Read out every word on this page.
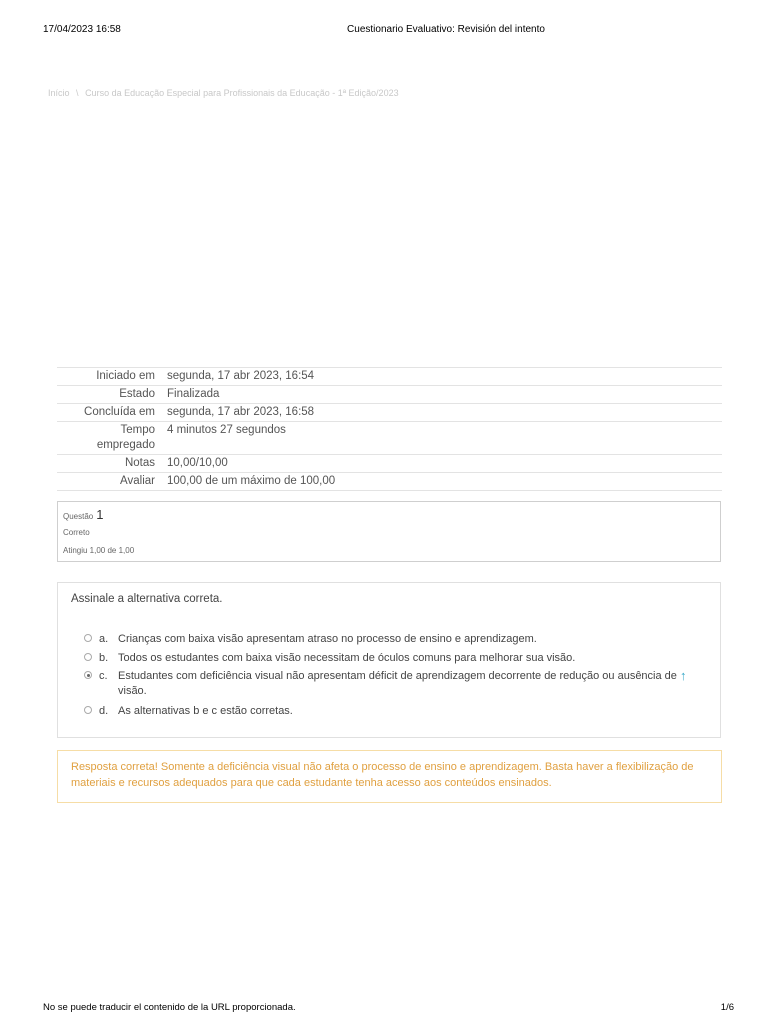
17/04/2023 16:58	Cuestionario Evaluativo: Revisión del intento
Início \ Curso da Educação Especial para Profissionais da Educação - 1ª Edição/2023
Iniciado em	segunda, 17 abr 2023, 16:54
Estado	Finalizada
Concluída em	segunda, 17 abr 2023, 16:58
Tempo empregado	4 minutos 27 segundos
Notas	10,00/10,00
Avaliar	100,00 de um máximo de 100,00
Questão 1
Correto
Atingiu 1,00 de 1,00
Assinale a alternativa correta.
a. Crianças com baixa visão apresentam atraso no processo de ensino e aprendizagem.
b. Todos os estudantes com baixa visão necessitam de óculos comuns para melhorar sua visão.
c. Estudantes com deficiência visual não apresentam déficit de aprendizagem decorrente de redução ou ausência de visão.
↑
d. As alternativas b e c estão corretas.
Resposta correta! Somente a deficiência visual não afeta o processo de ensino e aprendizagem. Basta haver a flexibilização de materiais e recursos adequados para que cada estudante tenha acesso aos conteúdos ensinados.
No se puede traducir el contenido de la URL proporcionada.	1/6
